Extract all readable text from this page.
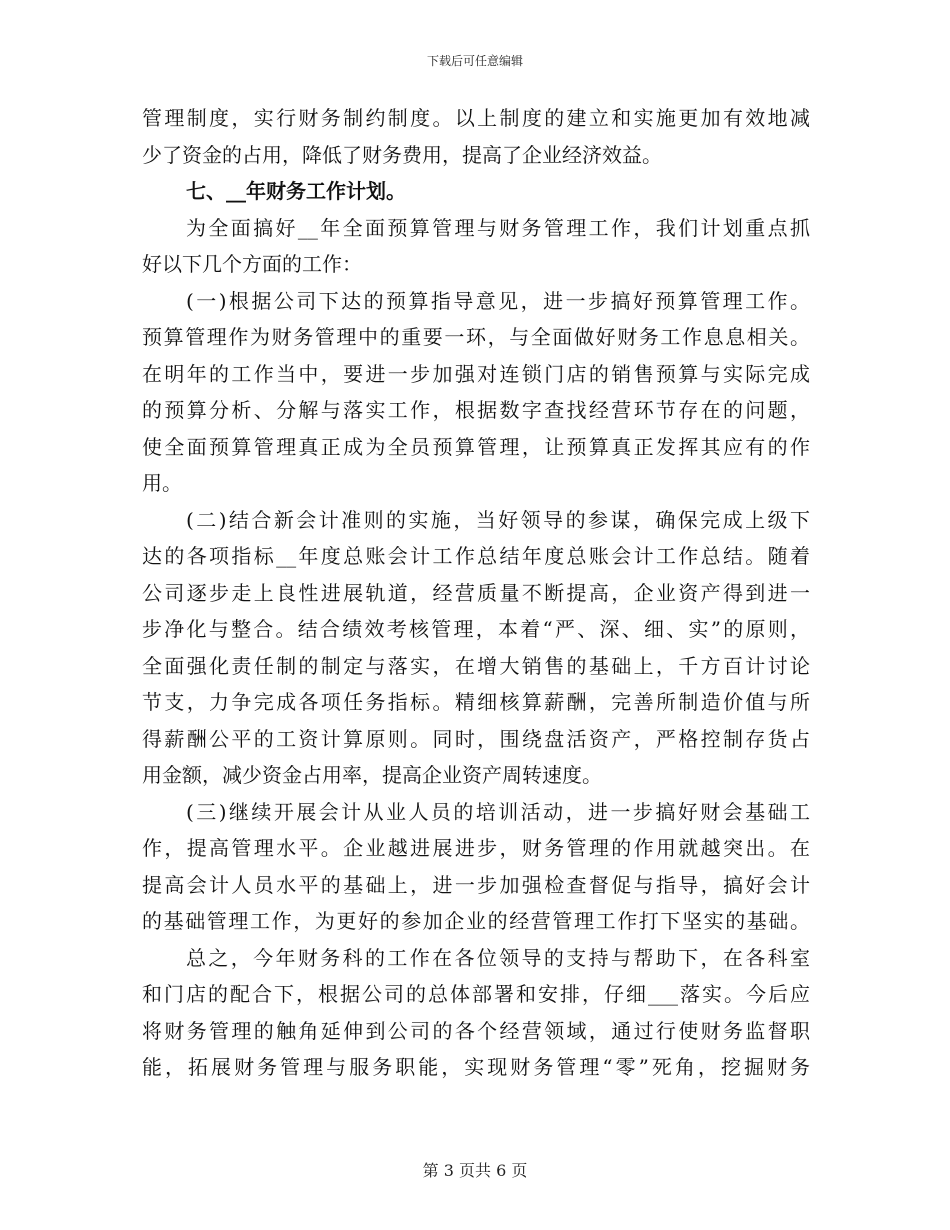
下载后可任意编辑
管理制度，实行财务制约制度。以上制度的建立和实施更加有效地减
少了资金的占用，降低了财务费用，提高了企业经济效益。
七、__年财务工作计划。
为全面搞好__年全面预算管理与财务管理工作，我们计划重点抓
好以下几个方面的工作：
(一)根据公司下达的预算指导意见，进一步搞好预算管理工作。
预算管理作为财务管理中的重要一环，与全面做好财务工作息息相关。
在明年的工作当中，要进一步加强对连锁门店的销售预算与实际完成
的预算分析、分解与落实工作，根据数字查找经营环节存在的问题，
使全面预算管理真正成为全员预算管理，让预算真正发挥其应有的作
用。
(二)结合新会计准则的实施，当好领导的参谋，确保完成上级下
达的各项指标__年度总账会计工作总结年度总账会计工作总结。随着
公司逐步走上良性进展轨道，经营质量不断提高，企业资产得到进一
步净化与整合。结合绩效考核管理，本着“严、深、细、实”的原则，
全面强化责任制的制定与落实，在增大销售的基础上，千方百计讨论
节支，力争完成各项任务指标。精细核算薪酬，完善所制造价值与所
得薪酬公平的工资计算原则。同时，围绕盘活资产，严格控制存货占
用金额，减少资金占用率，提高企业资产周转速度。
(三)继续开展会计从业人员的培训活动，进一步搞好财会基础工
作，提高管理水平。企业越进展进步，财务管理的作用就越突出。在
提高会计人员水平的基础上，进一步加强检查督促与指导，搞好会计
的基础管理工作，为更好的参加企业的经营管理工作打下坚实的基础。
总之，今年财务科的工作在各位领导的支持与帮助下，在各科室
和门店的配合下，根据公司的总体部署和安排，仔细___落实。今后应
将财务管理的触角延伸到公司的各个经营领域，通过行使财务监督职
能，拓展财务管理与服务职能，实现财务管理“零”死角，挖掘财务
第 3 页共 6 页
